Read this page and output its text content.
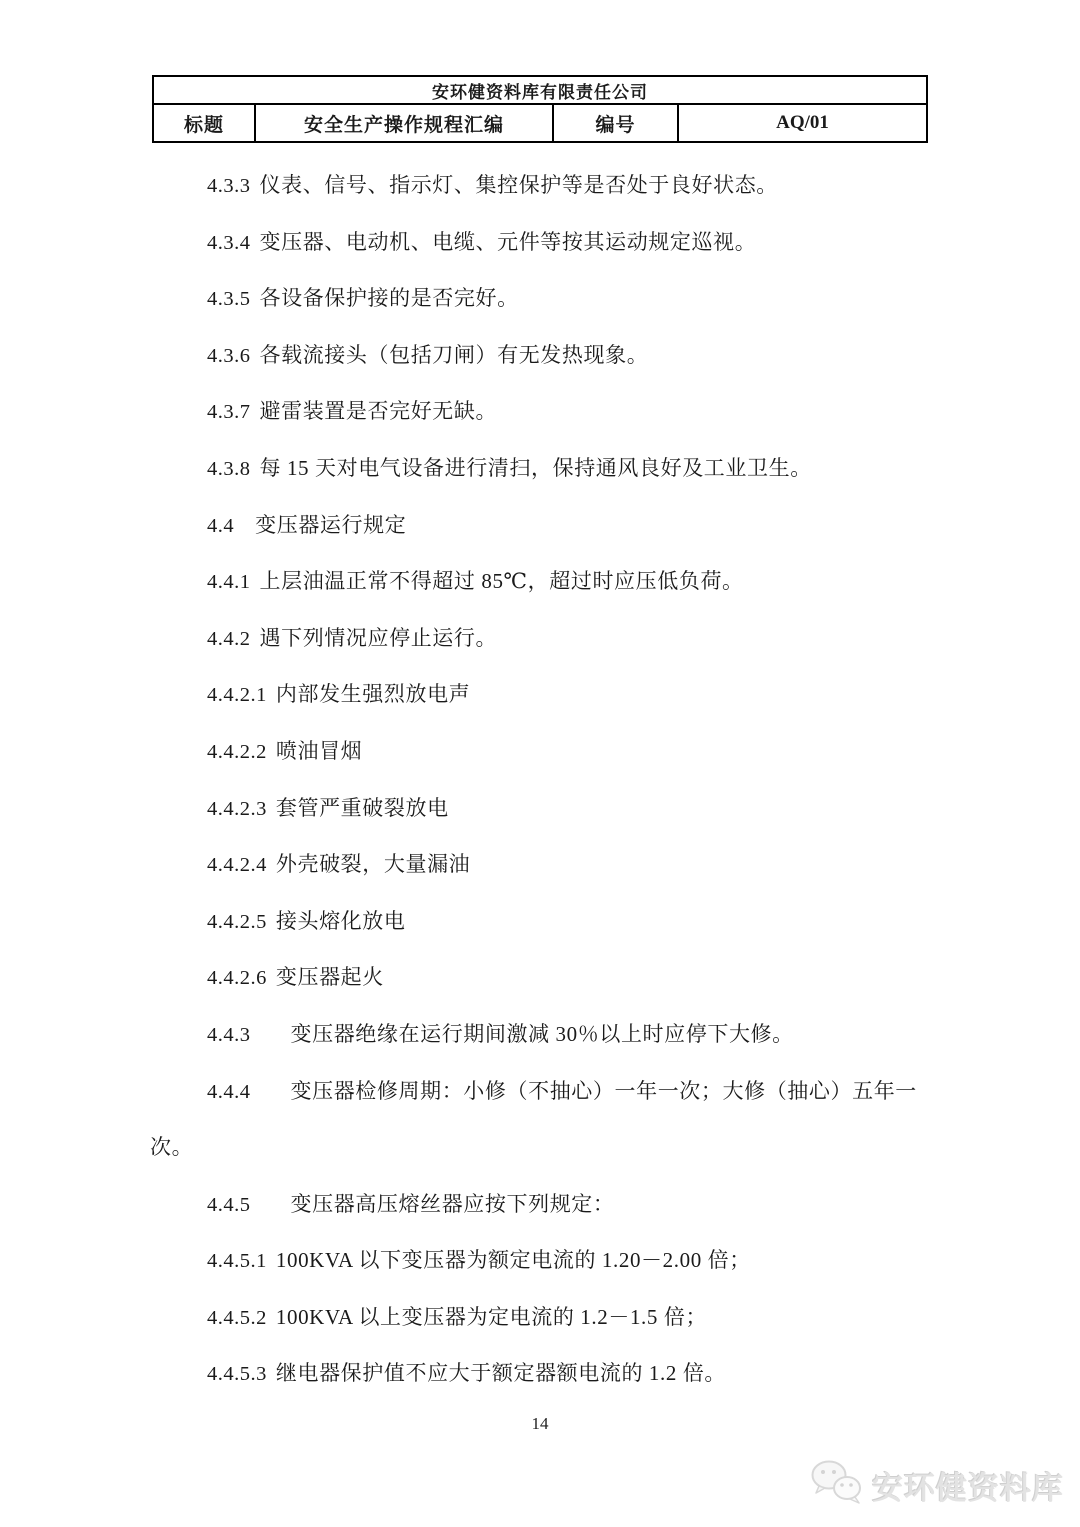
安环健资料库有限责任公司
标题	安全生产操作规程汇编	编号	AQ/01
4.3.3 仪表、信号、指示灯、集控保护等是否处于良好状态。
4.3.4 变压器、电动机、电缆、元件等按其运动规定巡视。
4.3.5 各设备保护接的是否完好。
4.3.6 各载流接头（包括刀闸）有无发热现象。
4.3.7 避雷装置是否完好无缺。
4.3.8 每 15 天对电气设备进行清扫，保持通风良好及工业卫生。
4.4 变压器运行规定
4.4.1 上层油温正常不得超过 85℃，超过时应压低负荷。
4.4.2 遇下列情况应停止运行。
4.4.2.1 内部发生强烈放电声
4.4.2.2 喷油冒烟
4.4.2.3 套管严重破裂放电
4.4.2.4 外壳破裂，大量漏油
4.4.2.5 接头熔化放电
4.4.2.6 变压器起火
4.4.3 变压器绝缘在运行期间激减 30％以上时应停下大修。
4.4.4 变压器检修周期：小修（不抽心）一年一次；大修（抽心）五年一
次。
4.4.5 变压器高压熔丝器应按下列规定：
4.4.5.1 100KVA 以下变压器为额定电流的 1.20－2.00 倍；
4.4.5.2 100KVA 以上变压器为定电流的 1.2－1.5 倍；
4.4.5.3 继电器保护值不应大于额定器额电流的 1.2 倍。
14
安环健资料库
